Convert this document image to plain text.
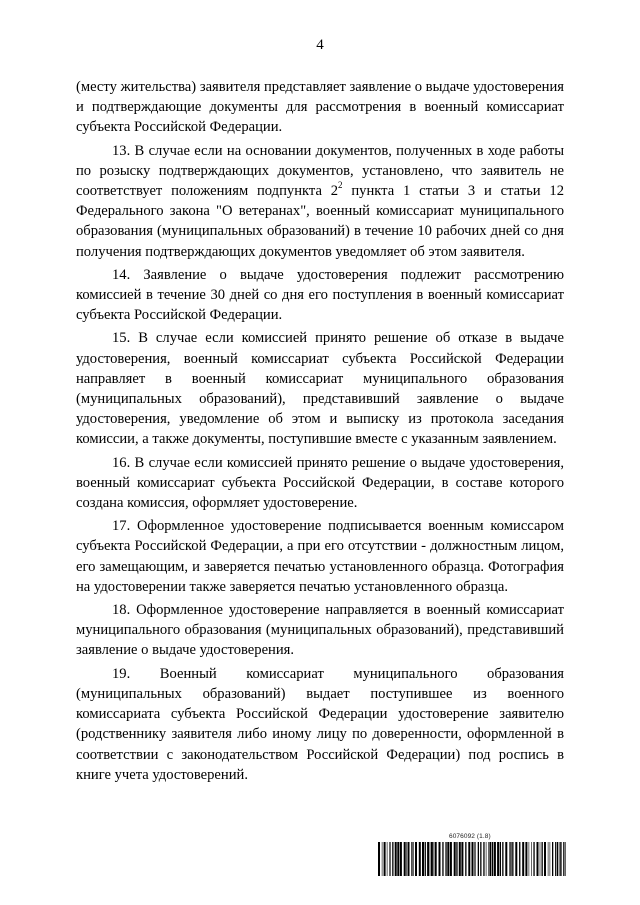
4

(месту жительства) заявителя представляет заявление о выдаче удостоверения и подтверждающие документы для рассмотрения в военный комиссариат субъекта Российской Федерации.

13. В случае если на основании документов, полученных в ходе работы по розыску подтверждающих документов, установлено, что заявитель не соответствует положениям подпункта $2^2$ пункта 1 статьи 3 и статьи 12 Федерального закона "О ветеранах", военный комиссариат муниципального образования (муниципальных образований) в течение 10 рабочих дней со дня получения подтверждающих документов уведомляет об этом заявителя.

14. Заявление о выдаче удостоверения подлежит рассмотрению комиссией в течение 30 дней со дня его поступления в военный комиссариат субъекта Российской Федерации.

15. В случае если комиссией принято решение об отказе в выдаче удостоверения, военный комиссариат субъекта Российской Федерации направляет в военный комиссариат муниципального образования (муниципальных образований), представивший заявление о выдаче удостоверения, уведомление об этом и выписку из протокола заседания комиссии, а также документы, поступившие вместе с указанным заявлением.

16. В случае если комиссией принято решение о выдаче удостоверения, военный комиссариат субъекта Российской Федерации, в составе которого создана комиссия, оформляет удостоверение.

17. Оформленное удостоверение подписывается военным комиссаром субъекта Российской Федерации, а при его отсутствии - должностным лицом, его замещающим, и заверяется печатью установленного образца. Фотография на удостоверении также заверяется печатью установленного образца.

18. Оформленное удостоверение направляется в военный комиссариат муниципального образования (муниципальных образований), представивший заявление о выдаче удостоверения.

19. Военный комиссариат муниципального образования (муниципальных образований) выдает поступившее из военного комиссариата субъекта Российской Федерации удостоверение заявителю (родственнику заявителя либо иному лицу по доверенности, оформленной в соответствии с законодательством Российской Федерации) под роспись в книге учета удостоверений.

6076092 (1.8)
